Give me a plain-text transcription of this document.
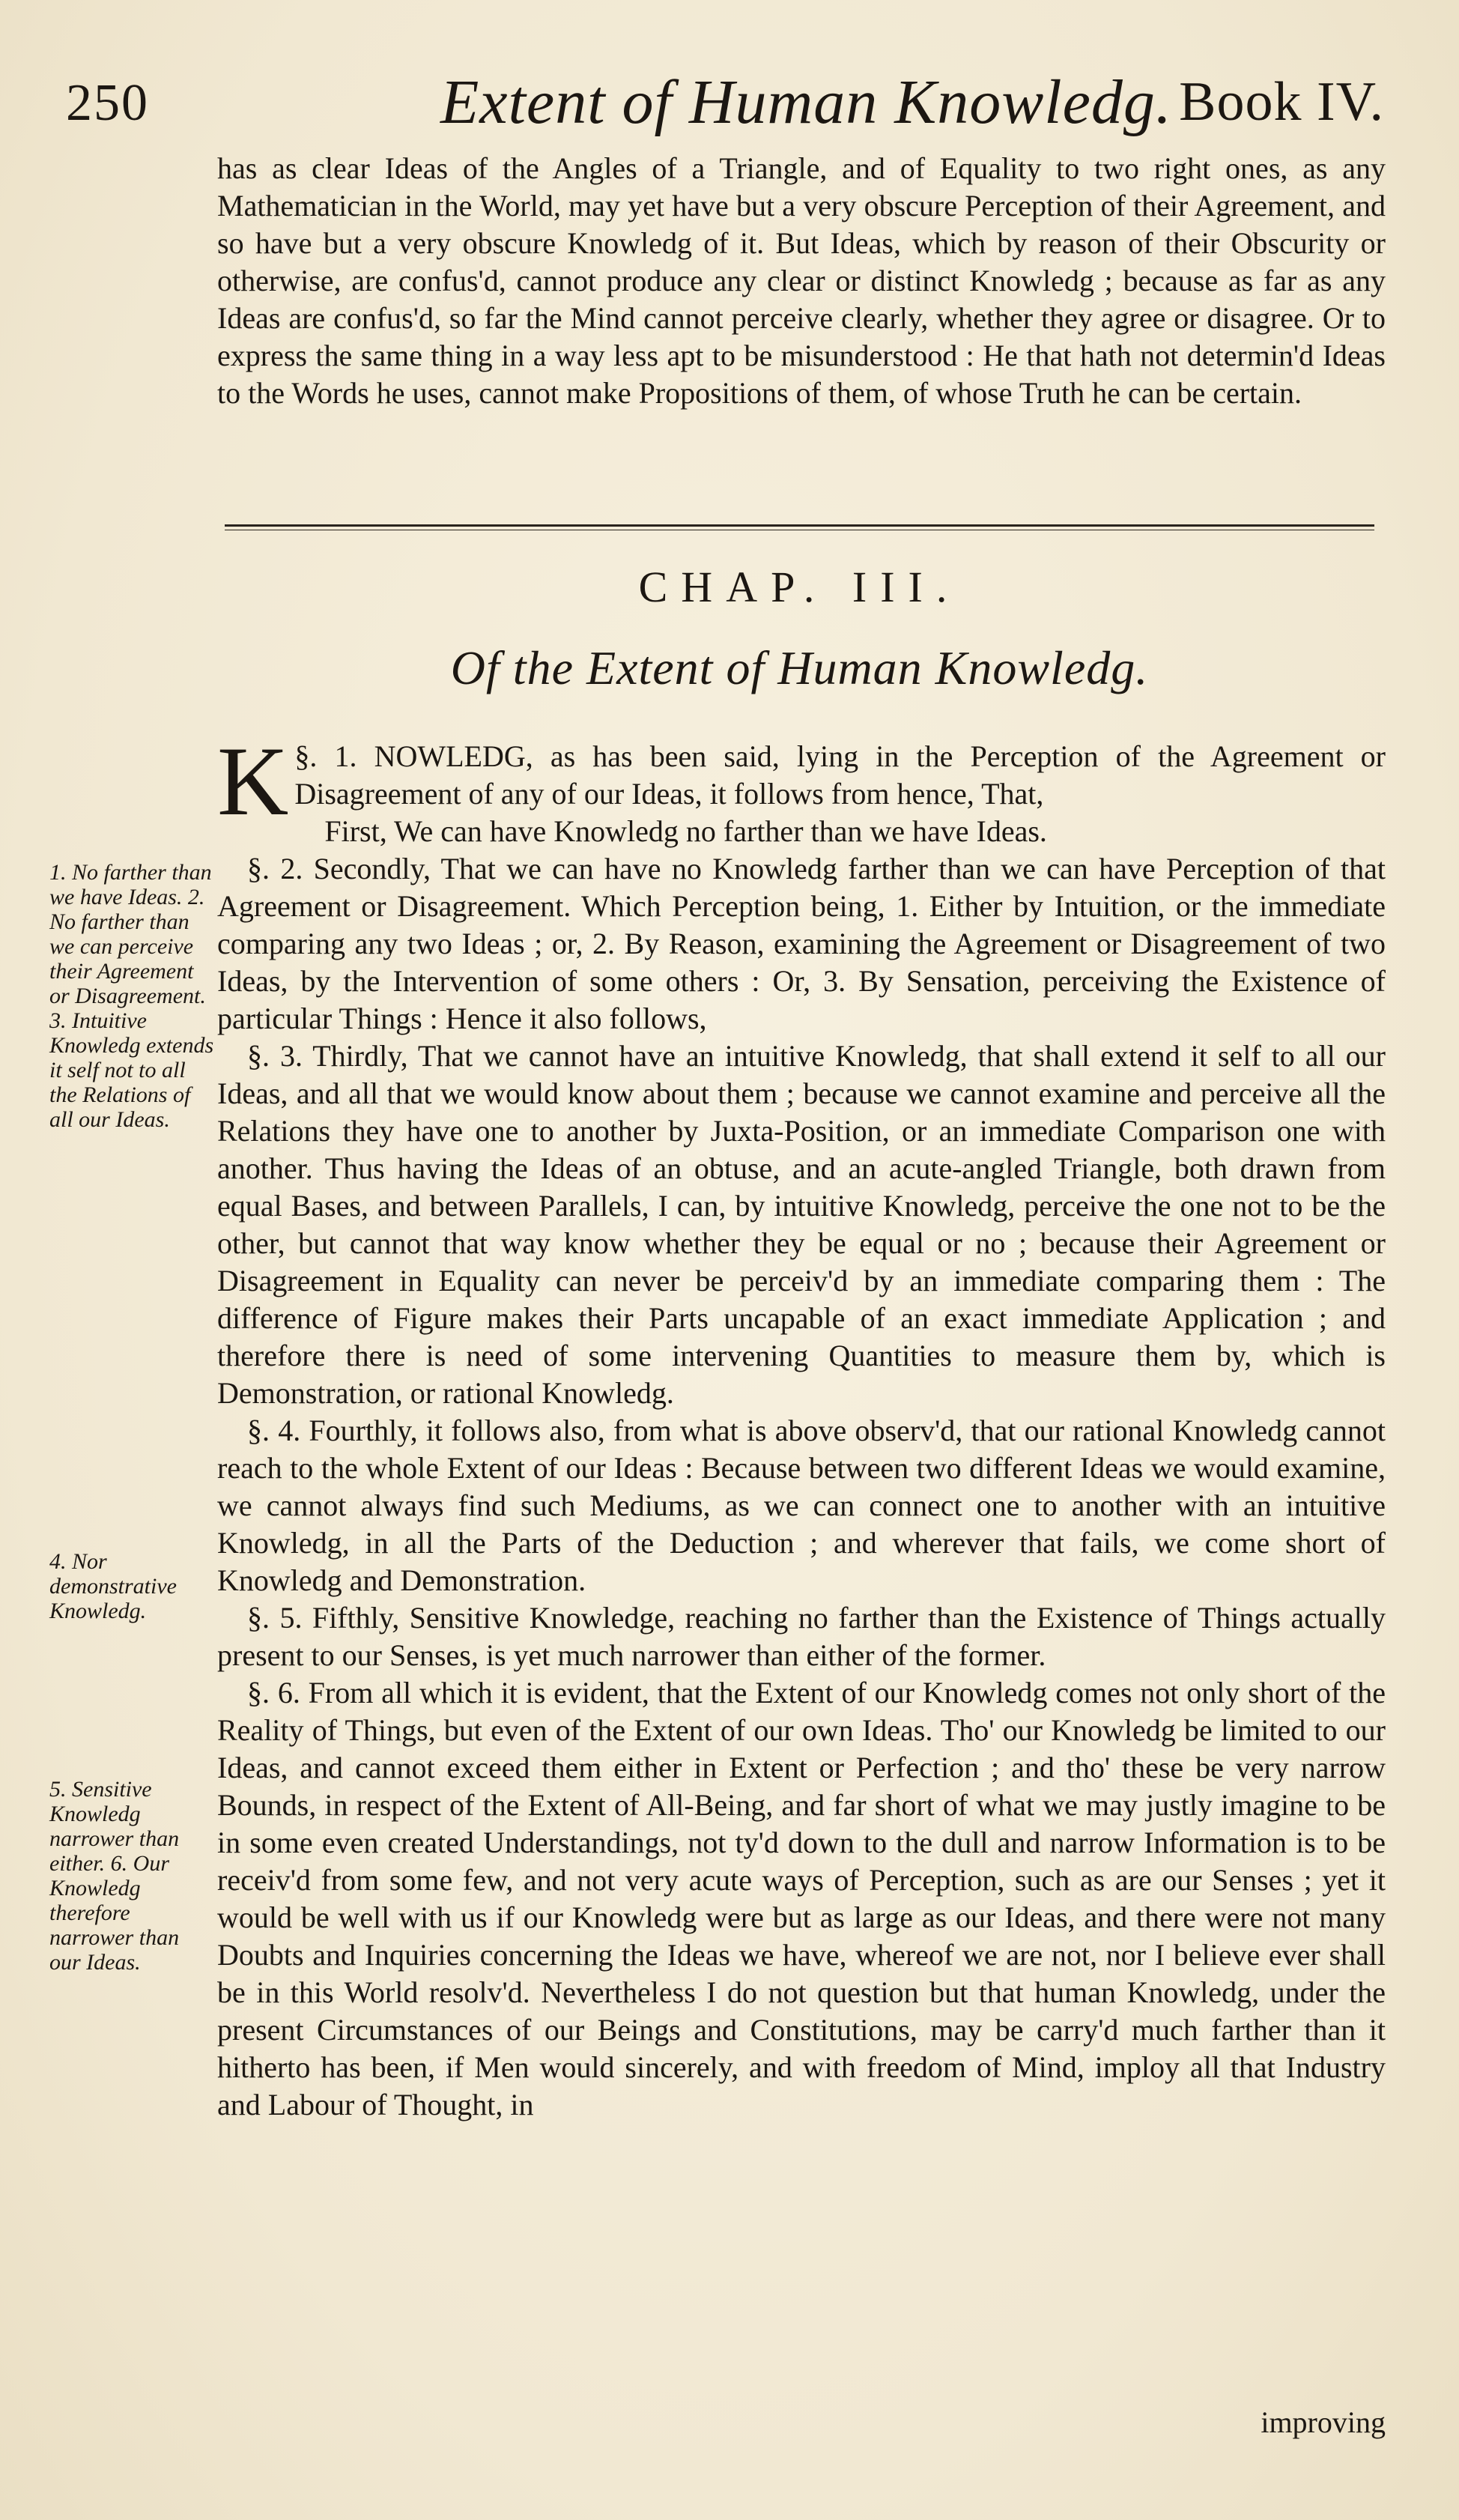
250	Extent of Human Knowledg. Book IV.

has as clear Ideas of the Angles of a Triangle, and of Equality to two right ones, as any Mathematician in the World, may yet have but a very obscure Perception of their Agreement, and so have but a very obscure Knowledg of it. But Ideas, which by reason of their Obscurity or otherwise, are confus'd, cannot produce any clear or distinct Knowledg ; because as far as any Ideas are confus'd, so far the Mind cannot perceive clearly, whether they agree or disagree. Or to express the same thing in a way less apt to be misunderstood : He that hath not determin'd Ideas to the Words he uses, cannot make Propositions of them, of whose Truth he can be certain.

CHAP. III.
Of the Extent of Human Knowledg.

§. 1.
K	NOWLEDG, as has been said, lying in the Perception of the Agreement or Disagreement of any of our Ideas, it follows from hence, That,

First, We can have Knowledg no farther than we have Ideas.

§. 2. Secondly, That we can have no Knowledg farther than we can have Perception of that Agreement or Disagreement. Which Perception being, 1. Either by Intuition, or the immediate comparing any two Ideas ; or, 2. By Reason, examining the Agreement or Disagreement of two Ideas, by the Intervention of some others : Or, 3. By Sensation, perceiving the Existence of particular Things : Hence it also follows,

§. 3. Thirdly, That we cannot have an intuitive Knowledg, that shall extend it self to all our Ideas, and all that we would know about them ; because we cannot examine and perceive all the Relations they have one to another by Juxta-Position, or an immediate Comparison one with another. Thus having the Ideas of an obtuse, and an acute-angled Triangle, both drawn from equal Bases, and between Parallels, I can, by intuitive Knowledg, perceive the one not to be the other, but cannot that way know whether they be equal or no ; because their Agreement or Disagreement in Equality can never be perceiv'd by an immediate comparing them : The difference of Figure makes their Parts uncapable of an exact immediate Application ; and therefore there is need of some intervening Quantities to measure them by, which is Demonstration, or rational Knowledg.

§. 4. Fourthly, it follows also, from what is above observ'd, that our rational Knowledg cannot reach to the whole Extent of our Ideas : Because between two different Ideas we would examine, we cannot always find such Mediums, as we can connect one to another with an intuitive Knowledg, in all the Parts of the Deduction ; and wherever that fails, we come short of Knowledg and Demonstration.

§. 5. Fifthly, Sensitive Knowledge, reaching no farther than the Existence of Things actually present to our Senses, is yet much narrower than either of the former.

§. 6. From all which it is evident, that the Extent of our Knowledg comes not only short of the Reality of Things, but even of the Extent of our own Ideas. Tho' our Knowledg be limited to our Ideas, and cannot exceed them either in Extent or Perfection ; and tho' these be very narrow Bounds, in respect of the Extent of All-Being, and far short of what we may justly imagine to be in some even created Understandings, not ty'd down to the dull and narrow Information is to be receiv'd from some few, and not very acute ways of Perception, such as are our Senses ; yet it would be well with us if our Knowledg were but as large as our Ideas, and there were not many Doubts and Inquiries concerning the Ideas we have, whereof we are not, nor I believe ever shall be in this World resolv'd. Nevertheless I do not question but that human Knowledg, under the present Circumstances of our Beings and Constitutions, may be carry'd much farther than it hitherto has been, if Men would sincerely, and with freedom of Mind, imploy all that Industry and Labour of Thought, in

1. No farther than we have Ideas. 2. No farther than we can perceive their Agreement or Disagreement. 3. Intuitive Knowledg extends it self not to all the Relations of all our Ideas.
4. Nor demonstrative Knowledg.
5. Sensitive Knowledg narrower than either. 6. Our Knowledg therefore narrower than our Ideas.
improving
